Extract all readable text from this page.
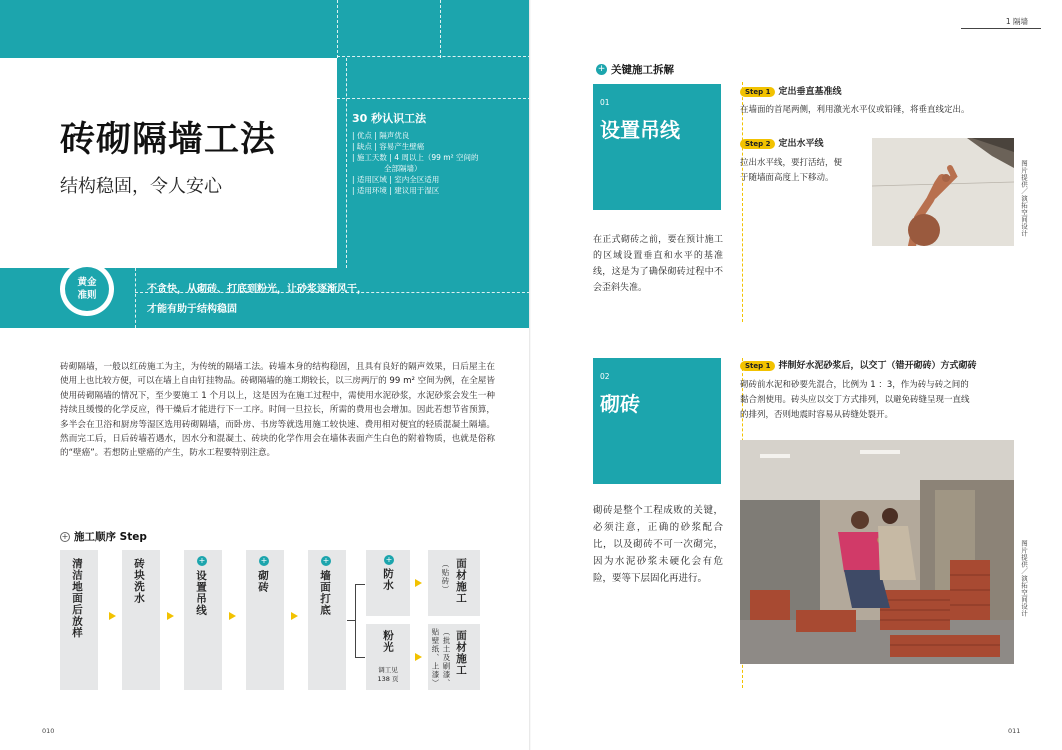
砖砌隔墙工法
结构稳固，令人安心
30 秒认识工法
| 优点 | 隔声优良
| 缺点 | 容易产生壁癌
| 施工天数 | 4 周以上（99 m² 空间的
全部隔墙）
| 适用区域 | 室内全区适用
| 适用环境 | 建议用于湿区
黄金
准则
不贪快，从砌砖、打底到粉光，让砂浆逐渐风干，
才能有助于结构稳固
砖砌隔墙，一般以红砖施工为主，为传统的隔墙工法。砖墙本身的结构稳固，且具有良好的隔声效果，日后屋主在使用上也比较方便，可以在墙上自由钉挂物品。砖砌隔墙的施工期较长，以三房两厅的 99 m² 空间为例，在全屋皆使用砖砌隔墙的情况下，至少要施工 1 个月以上，这是因为在施工过程中，需使用水泥砂浆，水泥砂浆会发生一种持续且缓慢的化学反应，得干燥后才能进行下一工序。时间一旦拉长，所需的费用也会增加。因此若想节省预算，多半会在卫浴和厨房等湿区选用砖砌隔墙，而卧房、书房等就选用施工较快速、费用相对便宜的轻质混凝土隔墙。然而完工后，日后砖墙若遇水，因水分和混凝土、砖块的化学作用会在墙体表面产生白色的附着物质，也就是俗称的“壁癌”。若想防止壁癌的产生，防水工程要特别注意。
+ 施工顺序 Step
清洁地面后放样	砖块洗水	+
设置吊线
+
砌砖
+
墙面打底
+
防水
粉光
调工见
138 页
面材施工
（贴砖）
面材施工
（批土及刷漆、贴壁纸、上漆）
010
1 隔墙
+ 关键施工拆解
01
设置吊线
在正式砌砖之前，要在预计施工的区域设置垂直和水平的基准线，这是为了确保砌砖过程中不会歪斜失准。
Step 1 定出垂直基准线
在墙面的首尾两侧，利用激光水平仪或铅锤，将垂直线定出。
Step 2 定出水平线
拉出水平线，要打活结，便
于随墙面高度上下移动。	图片提供／演拓空间设计
02
砌砖
砌砖是整个工程成败的关键，必须注意，正确的砂浆配合比，以及砌砖不可一次砌完，因为水泥砂浆未硬化会有危险，要等下层固化再进行。
Step 1 拌制好水泥砂浆后，以交丁（错开砌砖）方式砌砖
砌砖前水泥和砂要先混合，比例为 1 ：3，作为砖与砖之间的
黏合剂使用。砖头应以交丁方式排列，以避免砖缝呈现一直线
的排列，否则地震时容易从砖缝处裂开。
图片提供／演拓空间设计
011
